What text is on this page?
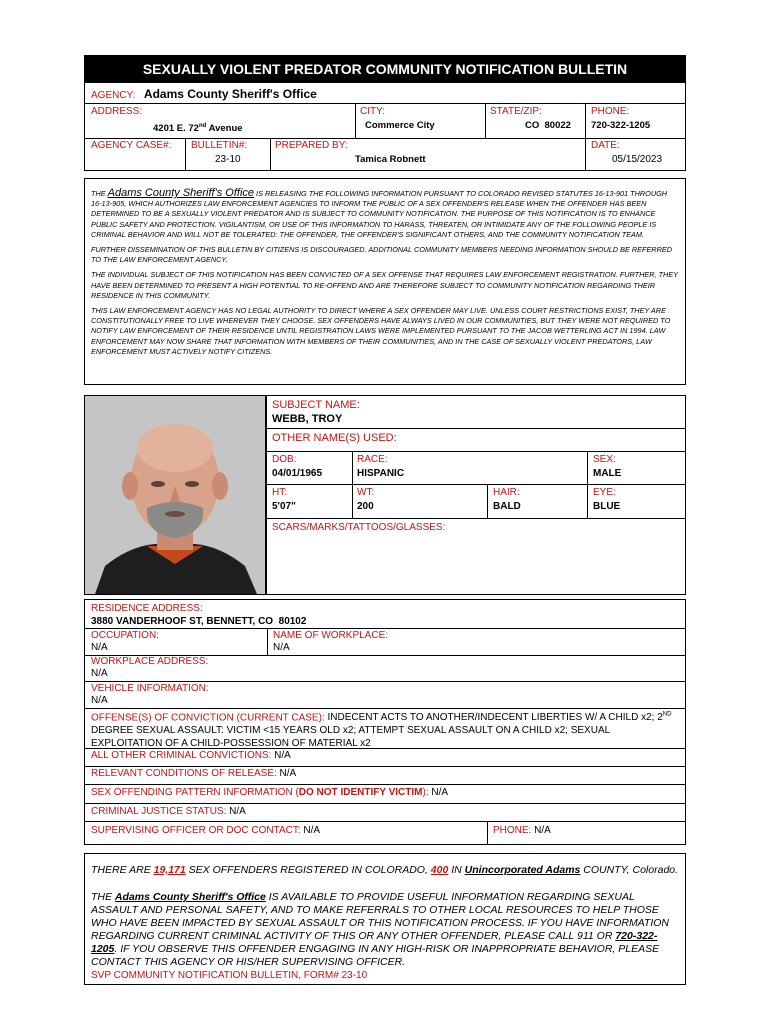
SEXUALLY VIOLENT PREDATOR COMMUNITY NOTIFICATION BULLETIN
AGENCY: Adams County Sheriff's Office
ADDRESS:
4201 E. 72nd Avenue
CITY:
Commerce City
STATE/ZIP:
CO  80022
PHONE:
720-322-1205
AGENCY CASE#: BULLETIN#:
23-10
PREPARED BY:
Tamica Robnett
DATE:
05/15/2023

THE Adams County Sheriff's Office IS RELEASING THE FOLLOWING INFORMATION PURSUANT TO COLORADO REVISED STATUTES 16-13-901 THROUGH 16-13-905, WHICH AUTHORIZES LAW ENFORCEMENT AGENCIES TO INFORM THE PUBLIC OF A SEX OFFENDER'S RELEASE WHEN THE OFFENDER HAS BEEN DETERMINED TO BE A SEXUALLY VIOLENT PREDATOR AND IS SUBJECT TO COMMUNITY NOTIFICATION. THE PURPOSE OF THIS NOTIFICATION IS TO ENHANCE PUBLIC SAFETY AND PROTECTION. VIGILANTISM, OR USE OF THIS INFORMATION TO HARASS, THREATEN, OR INTIMIDATE ANY OF THE FOLLOWING PEOPLE IS CRIMINAL BEHAVIOR AND WILL NOT BE TOLERATED: THE OFFENDER, THE OFFENDER'S SIGNIFICANT OTHERS, AND THE COMMUNITY NOTIFICATION TEAM.

FURTHER DISSEMINATION OF THIS BULLETIN BY CITIZENS IS DISCOURAGED. ADDITIONAL COMMUNITY MEMBERS NEEDING INFORMATION SHOULD BE REFERRED TO THE LAW ENFORCEMENT AGENCY.

THE INDIVIDUAL SUBJECT OF THIS NOTIFICATION HAS BEEN CONVICTED OF A SEX OFFENSE THAT REQUIRES LAW ENFORCEMENT REGISTRATION. FURTHER, THEY HAVE BEEN DETERMINED TO PRESENT A HIGH POTENTIAL TO RE-OFFEND AND ARE THEREFORE SUBJECT TO COMMUNITY NOTIFICATION REGARDING THEIR RESIDENCE IN THIS COMMUNITY.

THIS LAW ENFORCEMENT AGENCY HAS NO LEGAL AUTHORITY TO DIRECT WHERE A SEX OFFENDER MAY LIVE. UNLESS COURT RESTRICTIONS EXIST, THEY ARE CONSTITUTIONALLY FREE TO LIVE WHEREVER THEY CHOOSE. SEX OFFENDERS HAVE ALWAYS LIVED IN OUR COMMUNITIES, BUT THEY WERE NOT REQUIRED TO NOTIFY LAW ENFORCEMENT OF THEIR RESIDENCE UNTIL REGISTRATION LAWS WERE IMPLEMENTED PURSUANT TO THE JACOB WETTERLING ACT IN 1994. LAW ENFORCEMENT MAY NOW SHARE THAT INFORMATION WITH MEMBERS OF THEIR COMMUNITIES, AND IN THE CASE OF SEXUALLY VIOLENT PREDATORS, LAW ENFORCEMENT MUST ACTIVELY NOTIFY CITIZENS.

SUBJECT NAME:
WEBB, TROY
OTHER NAME(S) USED:
DOB:
04/01/1965
RACE:
HISPANIC
SEX:
MALE
HT:
5'07"
WT:
200
HAIR:
BALD
EYE:
BLUE
SCARS/MARKS/TATTOOS/GLASSES:
RESIDENCE ADDRESS:
3880 VANDERHOOF ST, BENNETT, CO  80102
OCCUPATION:
N/A
NAME OF WORKPLACE:
N/A
WORKPLACE ADDRESS:
N/A
VEHICLE INFORMATION:
N/A
OFFENSE(S) OF CONVICTION (CURRENT CASE): INDECENT ACTS TO ANOTHER/INDECENT LIBERTIES W/ A CHILD x2; 2ND DEGREE SEXUAL ASSAULT: VICTIM <15 YEARS OLD x2; ATTEMPT SEXUAL ASSAULT ON A CHILD x2; SEXUAL EXPLOITATION OF A CHILD-POSSESSION OF MATERIAL x2
ALL OTHER CRIMINAL CONVICTIONS: N/A
RELEVANT CONDITIONS OF RELEASE: N/A
SEX OFFENDING PATTERN INFORMATION (DO NOT IDENTIFY VICTIM): N/A
CRIMINAL JUSTICE STATUS: N/A
SUPERVISING OFFICER OR DOC CONTACT: N/A	PHONE: N/A

THERE ARE 19,171 SEX OFFENDERS REGISTERED IN COLORADO, 400 IN Unincorporated Adams COUNTY, Colorado.

THE Adams County Sheriff's Office IS AVAILABLE TO PROVIDE USEFUL INFORMATION REGARDING SEXUAL ASSAULT AND PERSONAL SAFETY, AND TO MAKE REFERRALS TO OTHER LOCAL RESOURCES TO HELP THOSE WHO HAVE BEEN IMPACTED BY SEXUAL ASSAULT OR THIS NOTIFICATION PROCESS. IF YOU HAVE INFORMATION REGARDING CURRENT CRIMINAL ACTIVITY OF THIS OR ANY OTHER OFFENDER, PLEASE CALL 911 OR 720-322-1205. IF YOU OBSERVE THIS OFFENDER ENGAGING IN ANY HIGH-RISK OR INAPPROPRIATE BEHAVIOR, PLEASE CONTACT THIS AGENCY OR HIS/HER SUPERVISING OFFICER.

SVP COMMUNITY NOTIFICATION BULLETIN, FORM# 23-10
